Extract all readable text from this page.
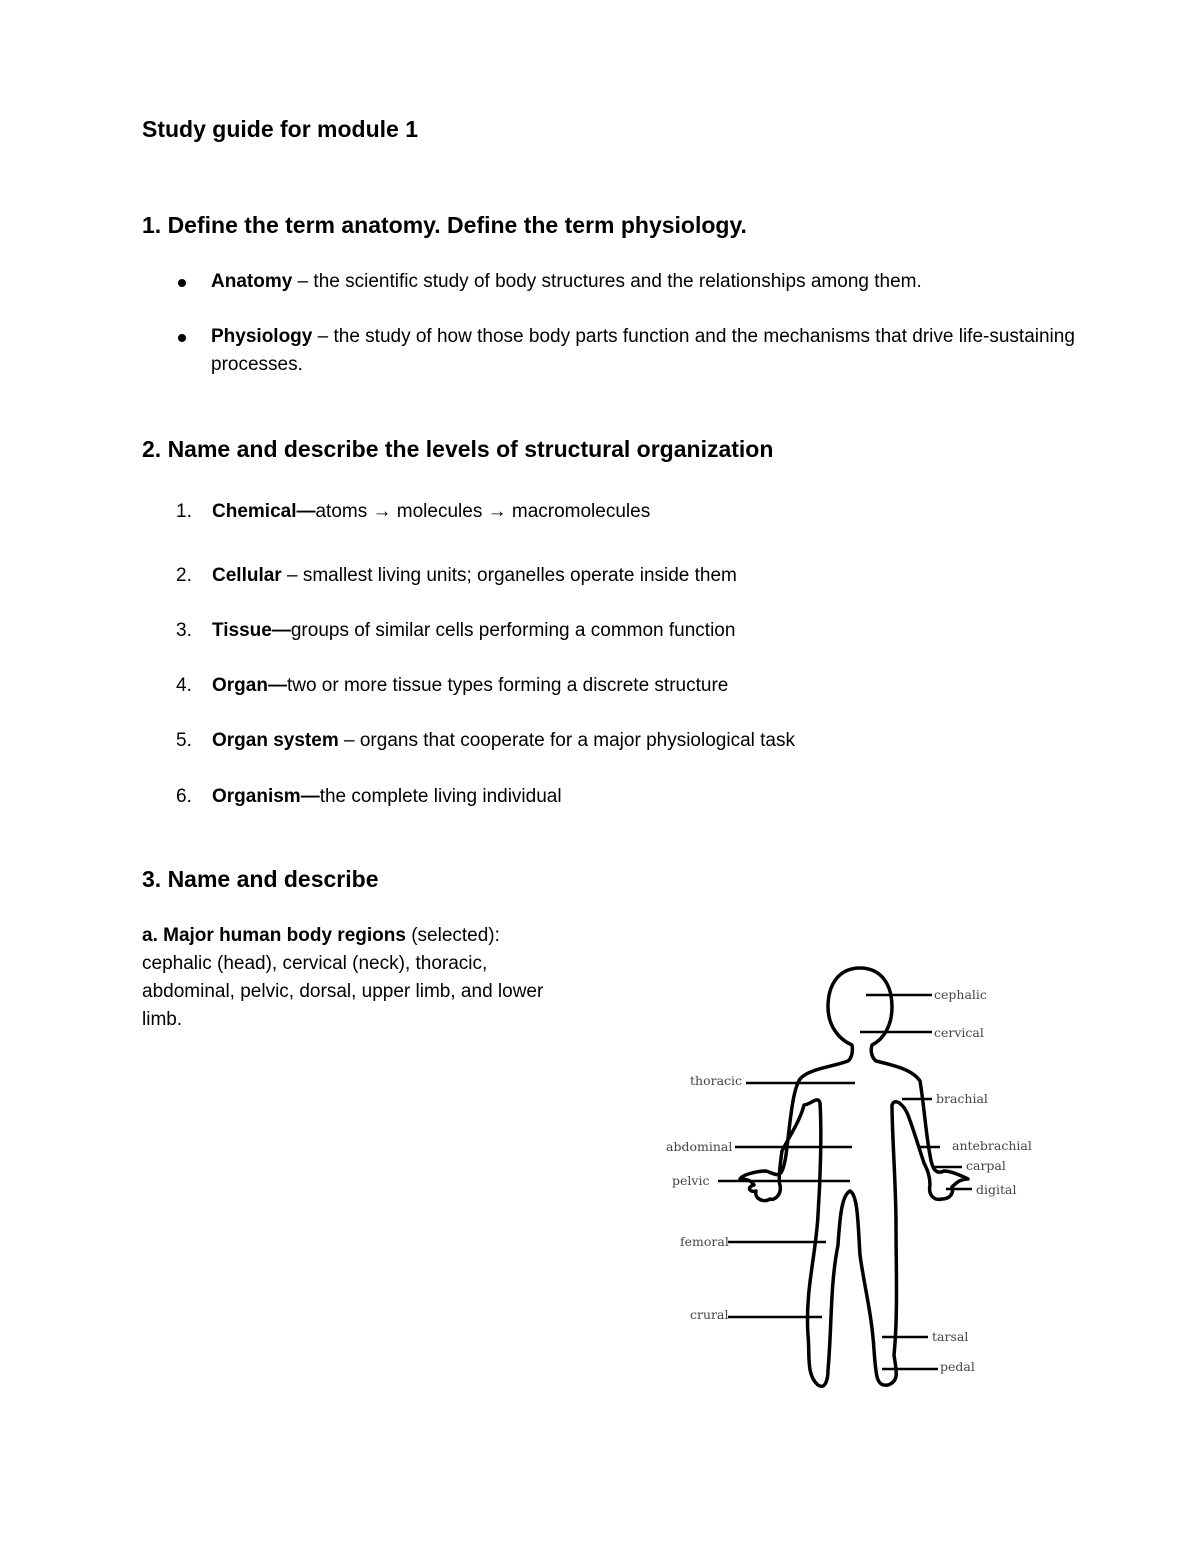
Study guide for module 1
1. Define the term anatomy. Define the term physiology.
Anatomy – the scientific study of body structures and the relationships among them.
Physiology – the study of how those body parts function and the mechanisms that drive life-sustaining processes.
2. Name and describe the levels of structural organization
1. Chemical—atoms → molecules → macromolecules
2. Cellular – smallest living units; organelles operate inside them
3. Tissue—groups of similar cells performing a common function
4. Organ—two or more tissue types forming a discrete structure
5. Organ system – organs that cooperate for a major physiological task
6. Organism—the complete living individual
3. Name and describe

a. Major human body regions (selected): cephalic (head), cervical (neck), thoracic, abdominal, pelvic, dorsal, upper limb, and lower limb.

cephalic
cervical
thoracic
brachial
abdominal	antebrachial
carpal
pelvic
digital
femoral
crural
tarsal
pedal
